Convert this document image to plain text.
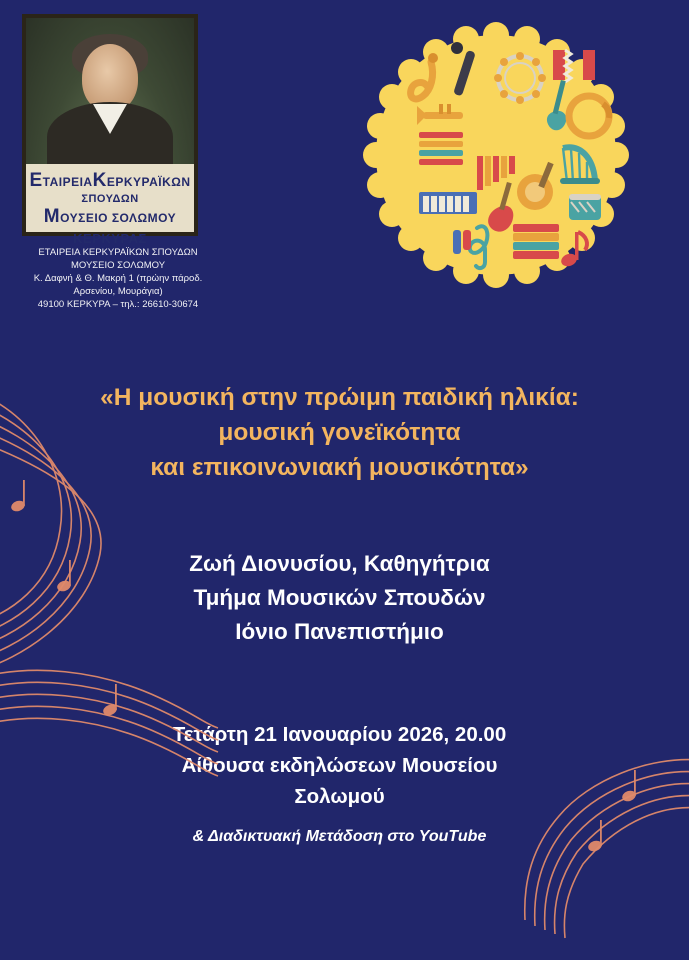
ΕΤΑΙΡΕΙΑΚΕΡΚΥΡΑΪΚΩΝ
ΣΠΟΥΔΩΝ
ΜΟΥΣΕΙΟ ΣΟΛΩΜΟΥ
ΚΕΡΚΥΡΑΣ
ΕΤΑΙΡΕΙΑ ΚΕΡΚΥΡΑΪΚΩΝ ΣΠΟΥΔΩΝ
ΜΟΥΣΕΙΟ ΣΟΛΩΜΟΥ
Κ. Δαφνή & Θ. Μακρή 1 (πρώην πάροδ.
Αρσενίου, Μουράγια)
49100 ΚΕΡΚΥΡΑ – τηλ.: 26610-30674
«Η μουσική στην πρώιμη παιδική ηλικία:
μουσική γονεϊκότητα
και επικοινωνιακή μουσικότητα»
Ζωή Διονυσίου, Καθηγήτρια
Τμήμα Μουσικών Σπουδών
Ιόνιο Πανεπιστήμιο
Τετάρτη 21 Ιανουαρίου 2026, 20.00
Αίθουσα εκδηλώσεων Μουσείου
Σολωμού
& Διαδικτυακή Μετάδοση στο YouTube
